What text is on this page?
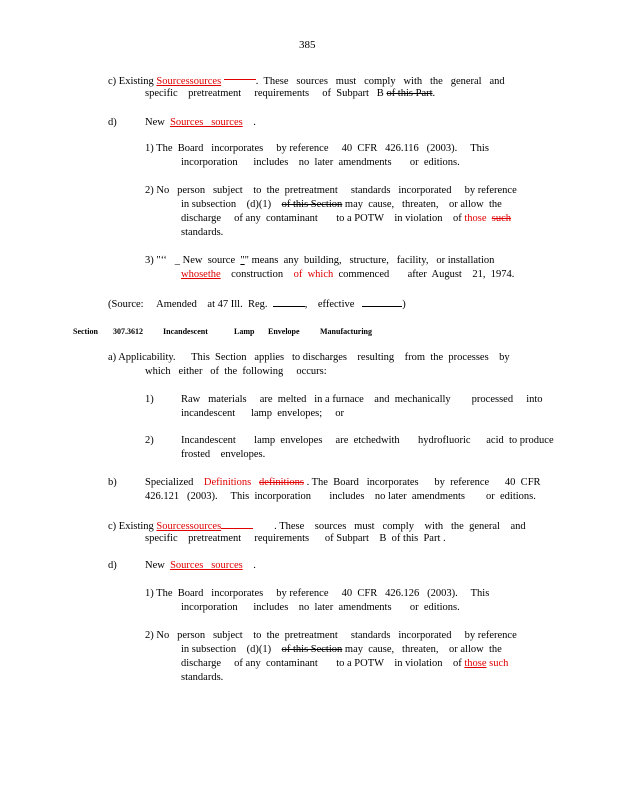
385
c) Existing Sourcessources	.  These   sources   must   comply   with   the   general   and
specific    pretreatment     requirements     of  Subpart   B of this Part.
d)	New Sources   sources .
1) The  Board   incorporates     by reference     40  CFR   426.116   (2003).     This
incorporation      includes    no  later  amendments       or  editions.
2) No   person   subject    to  the  pretreatment     standards   incorporated     by reference
in subsection    (d)(1)    of this Section may  cause,   threaten,    or allow  the
discharge     of any  contaminant       to a POTW    in violation    of those such
standards.
3) "‘‘   _ New  source  "" means  any  building,   structure,   facility,   or installation
whosethe    construction    of  which  commenced       after  August    21,  1974.
(Source:     Amended    at 47 Ill.  Reg.	,    effective	)
Section 307.3612	Incandescent	Lamp Envelope	Manufacturing
a) Applicability.      This  Section   applies   to discharges    resulting    from  the  processes    by
which   either   of  the  following     occurs:
1)	Raw   materials     are  melted   in a furnace    and  mechanically        processed     into
incandescent      lamp  envelopes;     or
2)	Incandescent       lamp  envelopes     are  etchedwith       hydrofluoric      acid  to produce
frosted    envelopes.
b)	Specialized Definitions definitions . The  Board   incorporates      by  reference      40  CFR
426.121   (2003).     This  incorporation       includes    no later  amendments        or  editions.
c) Existing Sourcessources	. These    sources   must   comply    with   the  general    and
specific    pretreatment     requirements      of Subpart    B  of this  Part .
d)	New Sources   sources .
1) The  Board   incorporates     by reference     40  CFR   426.126   (2003).     This
incorporation      includes    no  later  amendments       or  editions.
2) No   person   subject    to  the  pretreatment     standards   incorporated     by reference
in subsection    (d)(1)    of this Section may  cause,   threaten,    or allow  the
discharge     of any  contaminant       to a POTW    in violation    of those such
standards.
